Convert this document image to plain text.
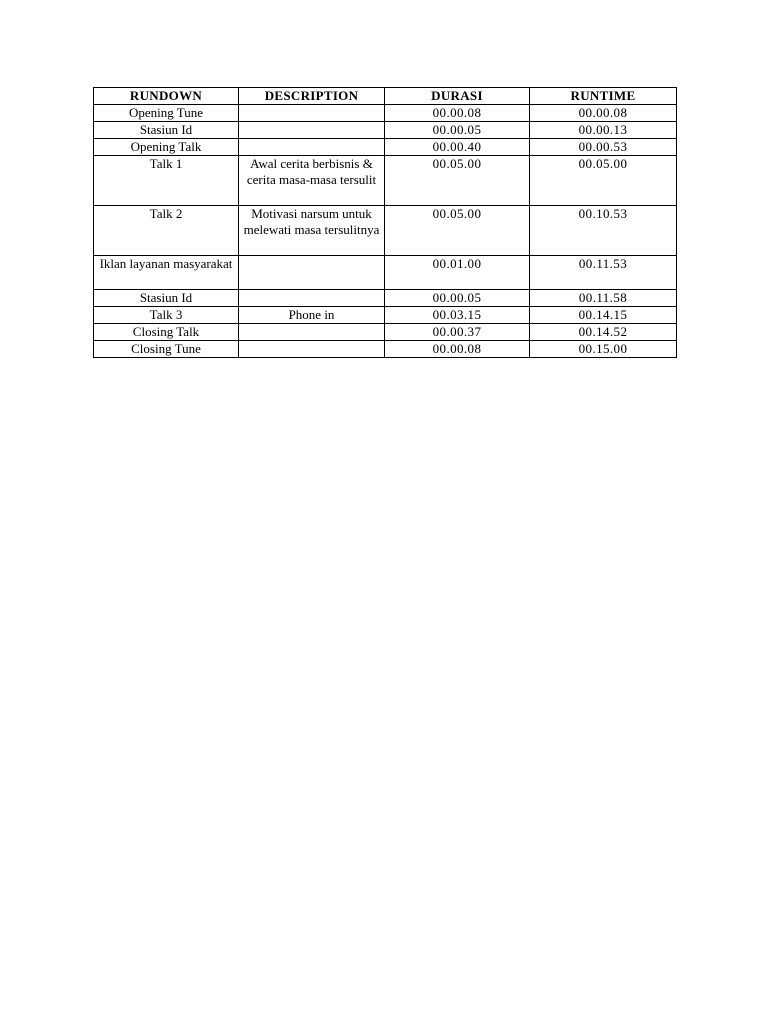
RUNDOWN	DESCRIPTION	DURASI	RUNTIME
Opening Tune		00.00.08	00.00.08
Stasiun Id		00.00.05	00.00.13
Opening Talk		00.00.40	00.00.53
Talk 1	Awal cerita berbisnis & cerita masa-masa tersulit	00.05.00	00.05.00
Talk 2	Motivasi narsum untuk melewati masa tersulitnya	00.05.00	00.10.53
Iklan layanan masyarakat		00.01.00	00.11.53
Stasiun Id		00.00.05	00.11.58
Talk 3	Phone in	00.03.15	00.14.15
Closing Talk		00.00.37	00.14.52
Closing Tune		00.00.08	00.15.00
